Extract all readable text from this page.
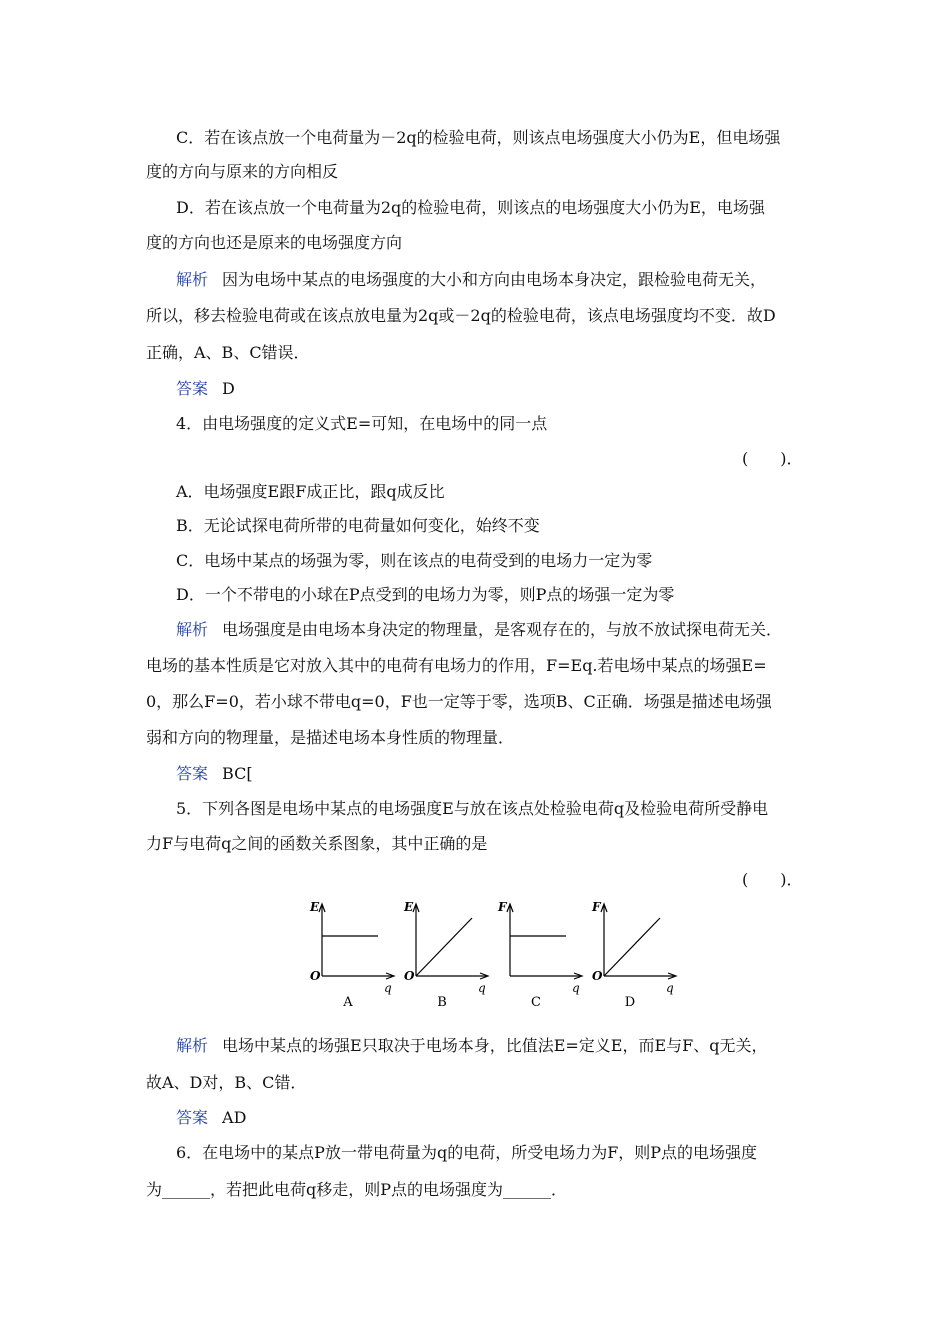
C．若在该点放一个电荷量为－2q的检验电荷，则该点电场强度大小仍为E，但电场强
度的方向与原来的方向相反
D．若在该点放一个电荷量为2q的检验电荷，则该点的电场强度大小仍为E，电场强
度的方向也还是原来的电场强度方向
解析 因为电场中某点的电场强度的大小和方向由电场本身决定，跟检验电荷无关，
所以，移去检验电荷或在该点放电量为2q或－2q的检验电荷，该点电场强度均不变．故D
正确，A、B、C错误．
答案 D
4．由电场强度的定义式E=可知，在电场中的同一点
(　　)．
A．电场强度E跟F成正比，跟q成反比
B．无论试探电荷所带的电荷量如何变化，始终不变
C．电场中某点的场强为零，则在该点的电荷受到的电场力一定为零
D．一个不带电的小球在P点受到的电场力为零，则P点的场强一定为零
解析 电场强度是由电场本身决定的物理量，是客观存在的，与放不放试探电荷无关．
电场的基本性质是它对放入其中的电荷有电场力的作用，F=Eq.若电场中某点的场强E=
0，那么F=0，若小球不带电q=0，F也一定等于零，选项B、C正确．场强是描述电场强
弱和方向的物理量，是描述电场本身性质的物理量．
答案 BC[
5．下列各图是电场中某点的电场强度E与放在该点处检验电荷q及检验电荷所受静电
力F与电荷q之间的函数关系图象，其中正确的是
(　　)．
E
q
O
A
E
q
O
B
F
q
C
F
q
O
D
解析 电场中某点的场强E只取决于电场本身，比值法E=定义E，而E与F、q无关，
故A、D对，B、C错．
答案 AD
6．在电场中的某点P放一带电荷量为q的电荷，所受电场力为F，则P点的电场强度
为______，若把此电荷q移走，则P点的电场强度为______．
